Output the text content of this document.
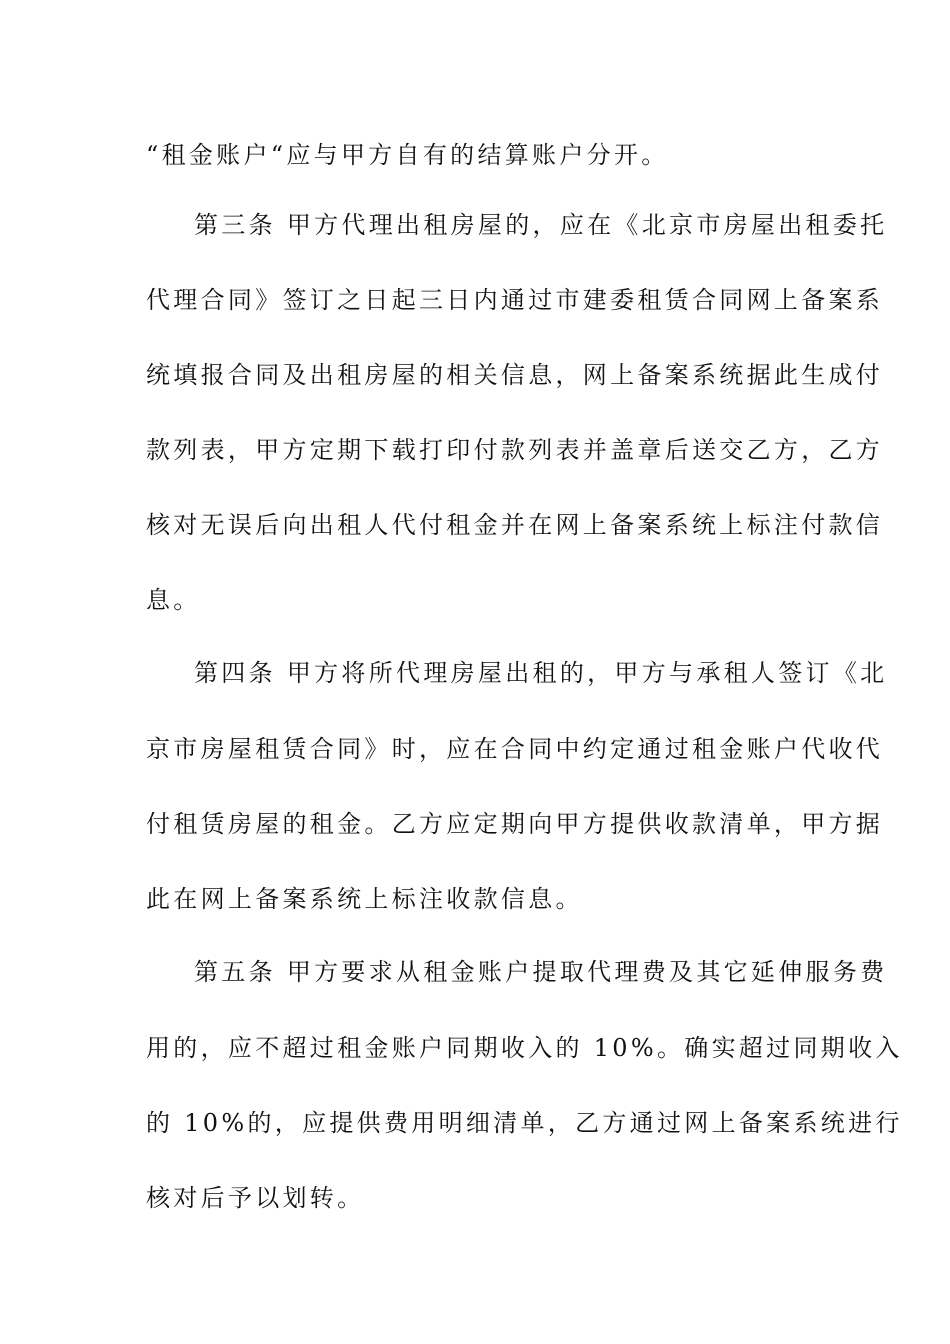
“租金账户“应与甲方自有的结算账户分开。
第三条 甲方代理出租房屋的，应在《北京市房屋出租委托
代理合同》签订之日起三日内通过市建委租赁合同网上备案系
统填报合同及出租房屋的相关信息，网上备案系统据此生成付
款列表，甲方定期下载打印付款列表并盖章后送交乙方，乙方
核对无误后向出租人代付租金并在网上备案系统上标注付款信
息。
第四条 甲方将所代理房屋出租的，甲方与承租人签订《北
京市房屋租赁合同》时，应在合同中约定通过租金账户代收代
付租赁房屋的租金。乙方应定期向甲方提供收款清单，甲方据
此在网上备案系统上标注收款信息。
第五条 甲方要求从租金账户提取代理费及其它延伸服务费
用的，应不超过租金账户同期收入的 10%。确实超过同期收入
的 10%的，应提供费用明细清单，乙方通过网上备案系统进行
核对后予以划转。
